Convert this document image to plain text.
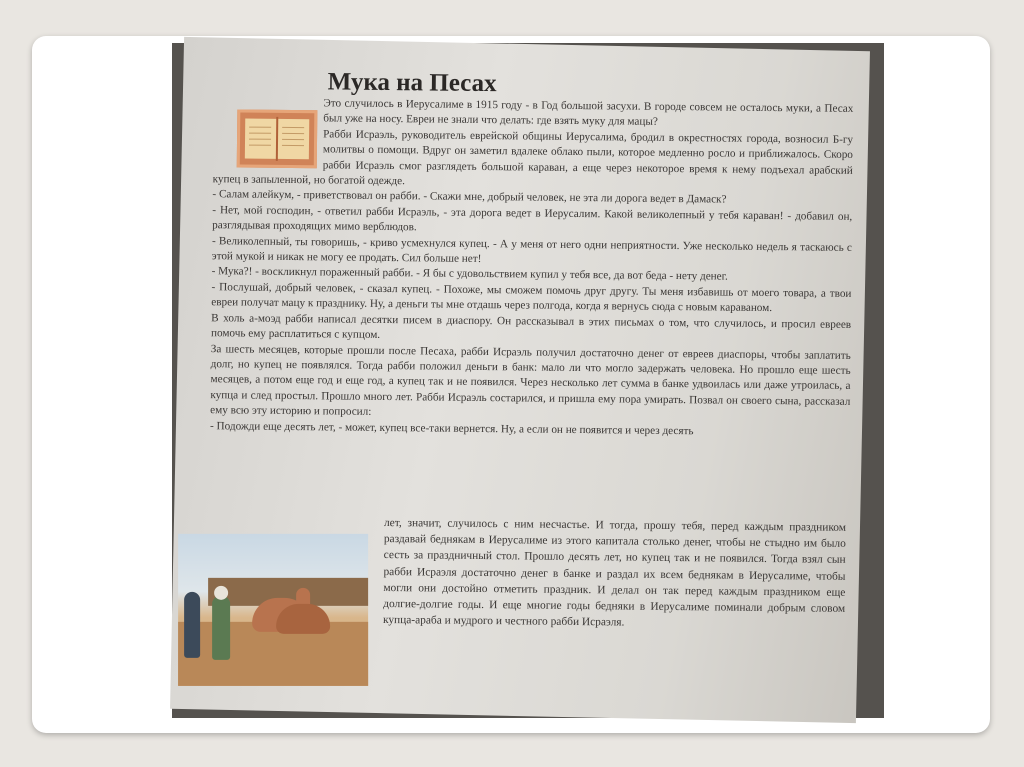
Мука на Песах

Это случилось в Иерусалиме в 1915 году - в Год большой засухи. В городе совсем не осталось муки, а Песах был уже на носу. Евреи не знали что делать: где взять муку для мацы?

Рабби Исраэль, руководитель еврейской общины Иерусалима, бродил в окрестностях города, возносил Б-гу молитвы о помощи. Вдруг он заметил вдалеке облако пыли, которое медленно росло и приближалось. Скоро рабби Исраэль смог разглядеть большой караван, а еще через некоторое время к нему подъехал арабский купец в запыленной, но богатой одежде.

- Салам алейкум, - приветствовал он рабби. - Скажи мне, добрый человек, не эта ли дорога ведет в Дамаск?

- Нет, мой господин, - ответил рабби Исраэль, - эта дорога ведет в Иерусалим. Какой великолепный у тебя караван! - добавил он, разглядывая проходящих мимо верблюдов.

- Великолепный, ты говоришь, - криво усмехнулся купец. - А у меня от него одни неприятности. Уже несколько недель я таскаюсь с этой мукой и никак не могу ее продать. Сил больше нет!

- Мука?! - воскликнул пораженный рабби. - Я бы с удовольствием купил у тебя все, да вот беда - нету денег.

- Послушай, добрый человек, - сказал купец. - Похоже, мы сможем помочь друг другу. Ты меня избавишь от моего товара, а твои евреи получат мацу к празднику. Ну, а деньги ты мне отдашь через полгода, когда я вернусь сюда с новым караваном.

В холь а-моэд рабби написал десятки писем в диаспору. Он рассказывал в этих письмах о том, что случилось, и просил евреев помочь ему расплатиться с купцом.

За шесть месяцев, которые прошли после Песаха, рабби Исраэль получил достаточно денег от евреев диаспоры, чтобы заплатить долг, но купец не появлялся. Тогда рабби положил деньги в банк: мало ли что могло задержать человека. Но прошло еще шесть месяцев, а потом еще год и еще год, а купец так и не появился. Через несколько лет сумма в банке удвоилась или даже утроилась, а купца и след простыл. Прошло много лет. Рабби Исраэль состарился, и пришла ему пора умирать. Позвал он своего сына, рассказал ему всю эту историю и попросил:

- Подожди еще десять лет, - может, купец все-таки вернется. Ну, а если он не появится и через десять

лет, значит, случилось с ним несчастье. И тогда, прошу тебя, перед каждым праздником раздавай беднякам в Иерусалиме из этого капитала столько денег, чтобы не стыдно им было сесть за праздничный стол. Прошло десять лет, но купец так и не появился. Тогда взял сын рабби Исраэля достаточно денег в банке и раздал их всем беднякам в Иерусалиме, чтобы могли они достойно отметить праздник. И делал он так перед каждым праздником еще долгие-долгие годы. И еще многие годы бедняки в Иерусалиме поминали добрым словом купца-араба и мудрого и честного рабби Исраэля.
